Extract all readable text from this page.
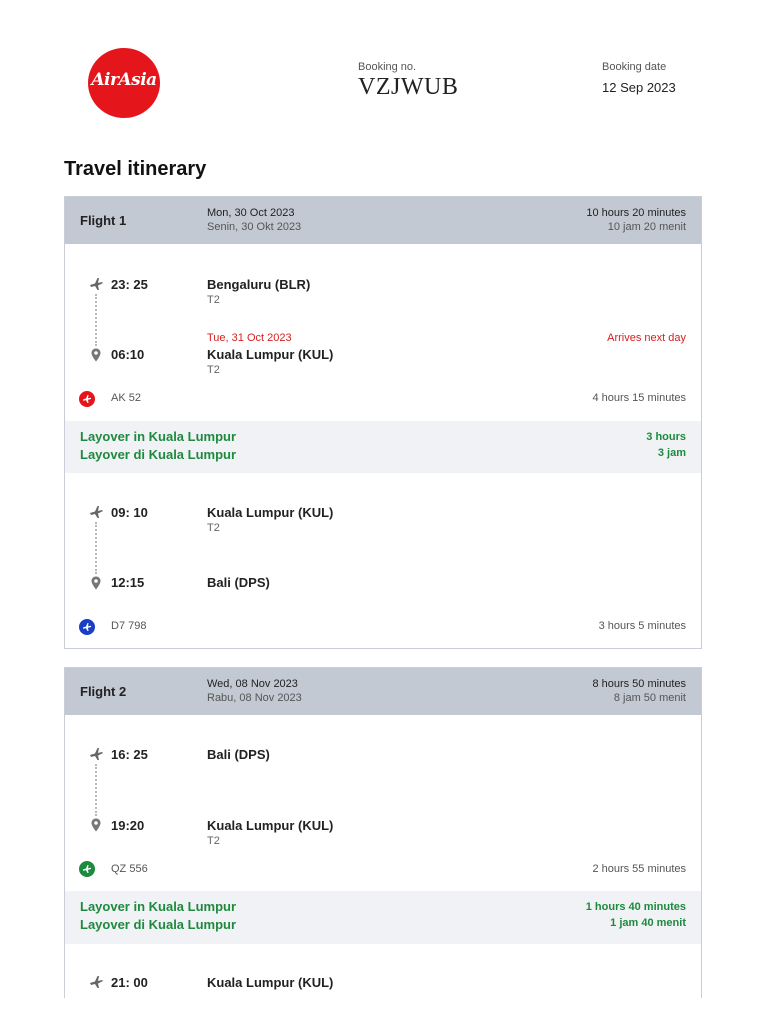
AirAsia
Booking no.
VZJWUB
Booking date
12 Sep 2023
Travel itinerary
Flight 1	Mon, 30 Oct 2023
Senin, 30 Okt 2023
10 hours 20 minutes
10 jam 20 menit
23: 25	Bengaluru (BLR)
T2
Tue, 31 Oct 2023	Arrives next day
06:10	Kuala Lumpur (KUL)
T2
AK 52	4 hours 15 minutes
Layover in Kuala Lumpur
Layover di Kuala Lumpur
3 hours
3 jam
09: 10	Kuala Lumpur (KUL)
T2
12:15	Bali (DPS)
D7 798	3 hours 5 minutes
Flight 2	Wed, 08 Nov 2023
Rabu, 08 Nov 2023
8 hours 50 minutes
8 jam 50 menit
16: 25	Bali (DPS)
19:20	Kuala Lumpur (KUL)
T2
QZ 556	2 hours 55 minutes
Layover in Kuala Lumpur
Layover di Kuala Lumpur
1 hours 40 minutes
1 jam 40 menit
21: 00	Kuala Lumpur (KUL)
